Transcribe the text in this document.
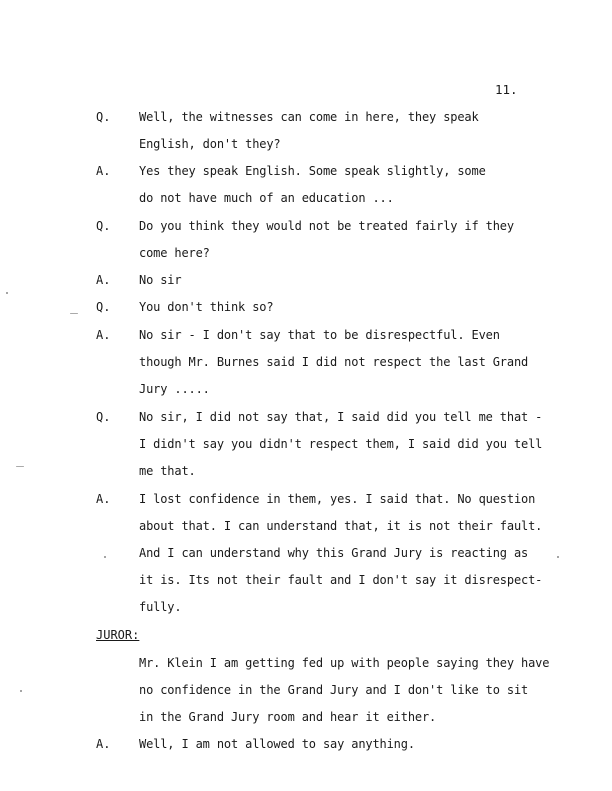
11.
Q. Well, the witnesses can come in here, they speak
English, don't they?
A. Yes they speak English. Some speak slightly, some
do not have much of an education ...
Q. Do you think they would not be treated fairly if they
come here?
A. No sir
Q. You don't think so?
A. No sir - I don't say that to be disrespectful. Even
though Mr. Burnes said I did not respect the last Grand
Jury .....
Q. No sir, I did not say that, I said did you tell me that -
I didn't say you didn't respect them, I said did you tell
me that.
A. I lost confidence in them, yes. I said that. No question
about that. I can understand that, it is not their fault.
And I can understand why this Grand Jury is reacting as
it is. Its not their fault and I don't say it disrespect-
fully.
JUROR:
Mr. Klein I am getting fed up with people saying they have
no confidence in the Grand Jury and I don't like to sit
in the Grand Jury room and hear it either.
A. Well, I am not allowed to say anything.
